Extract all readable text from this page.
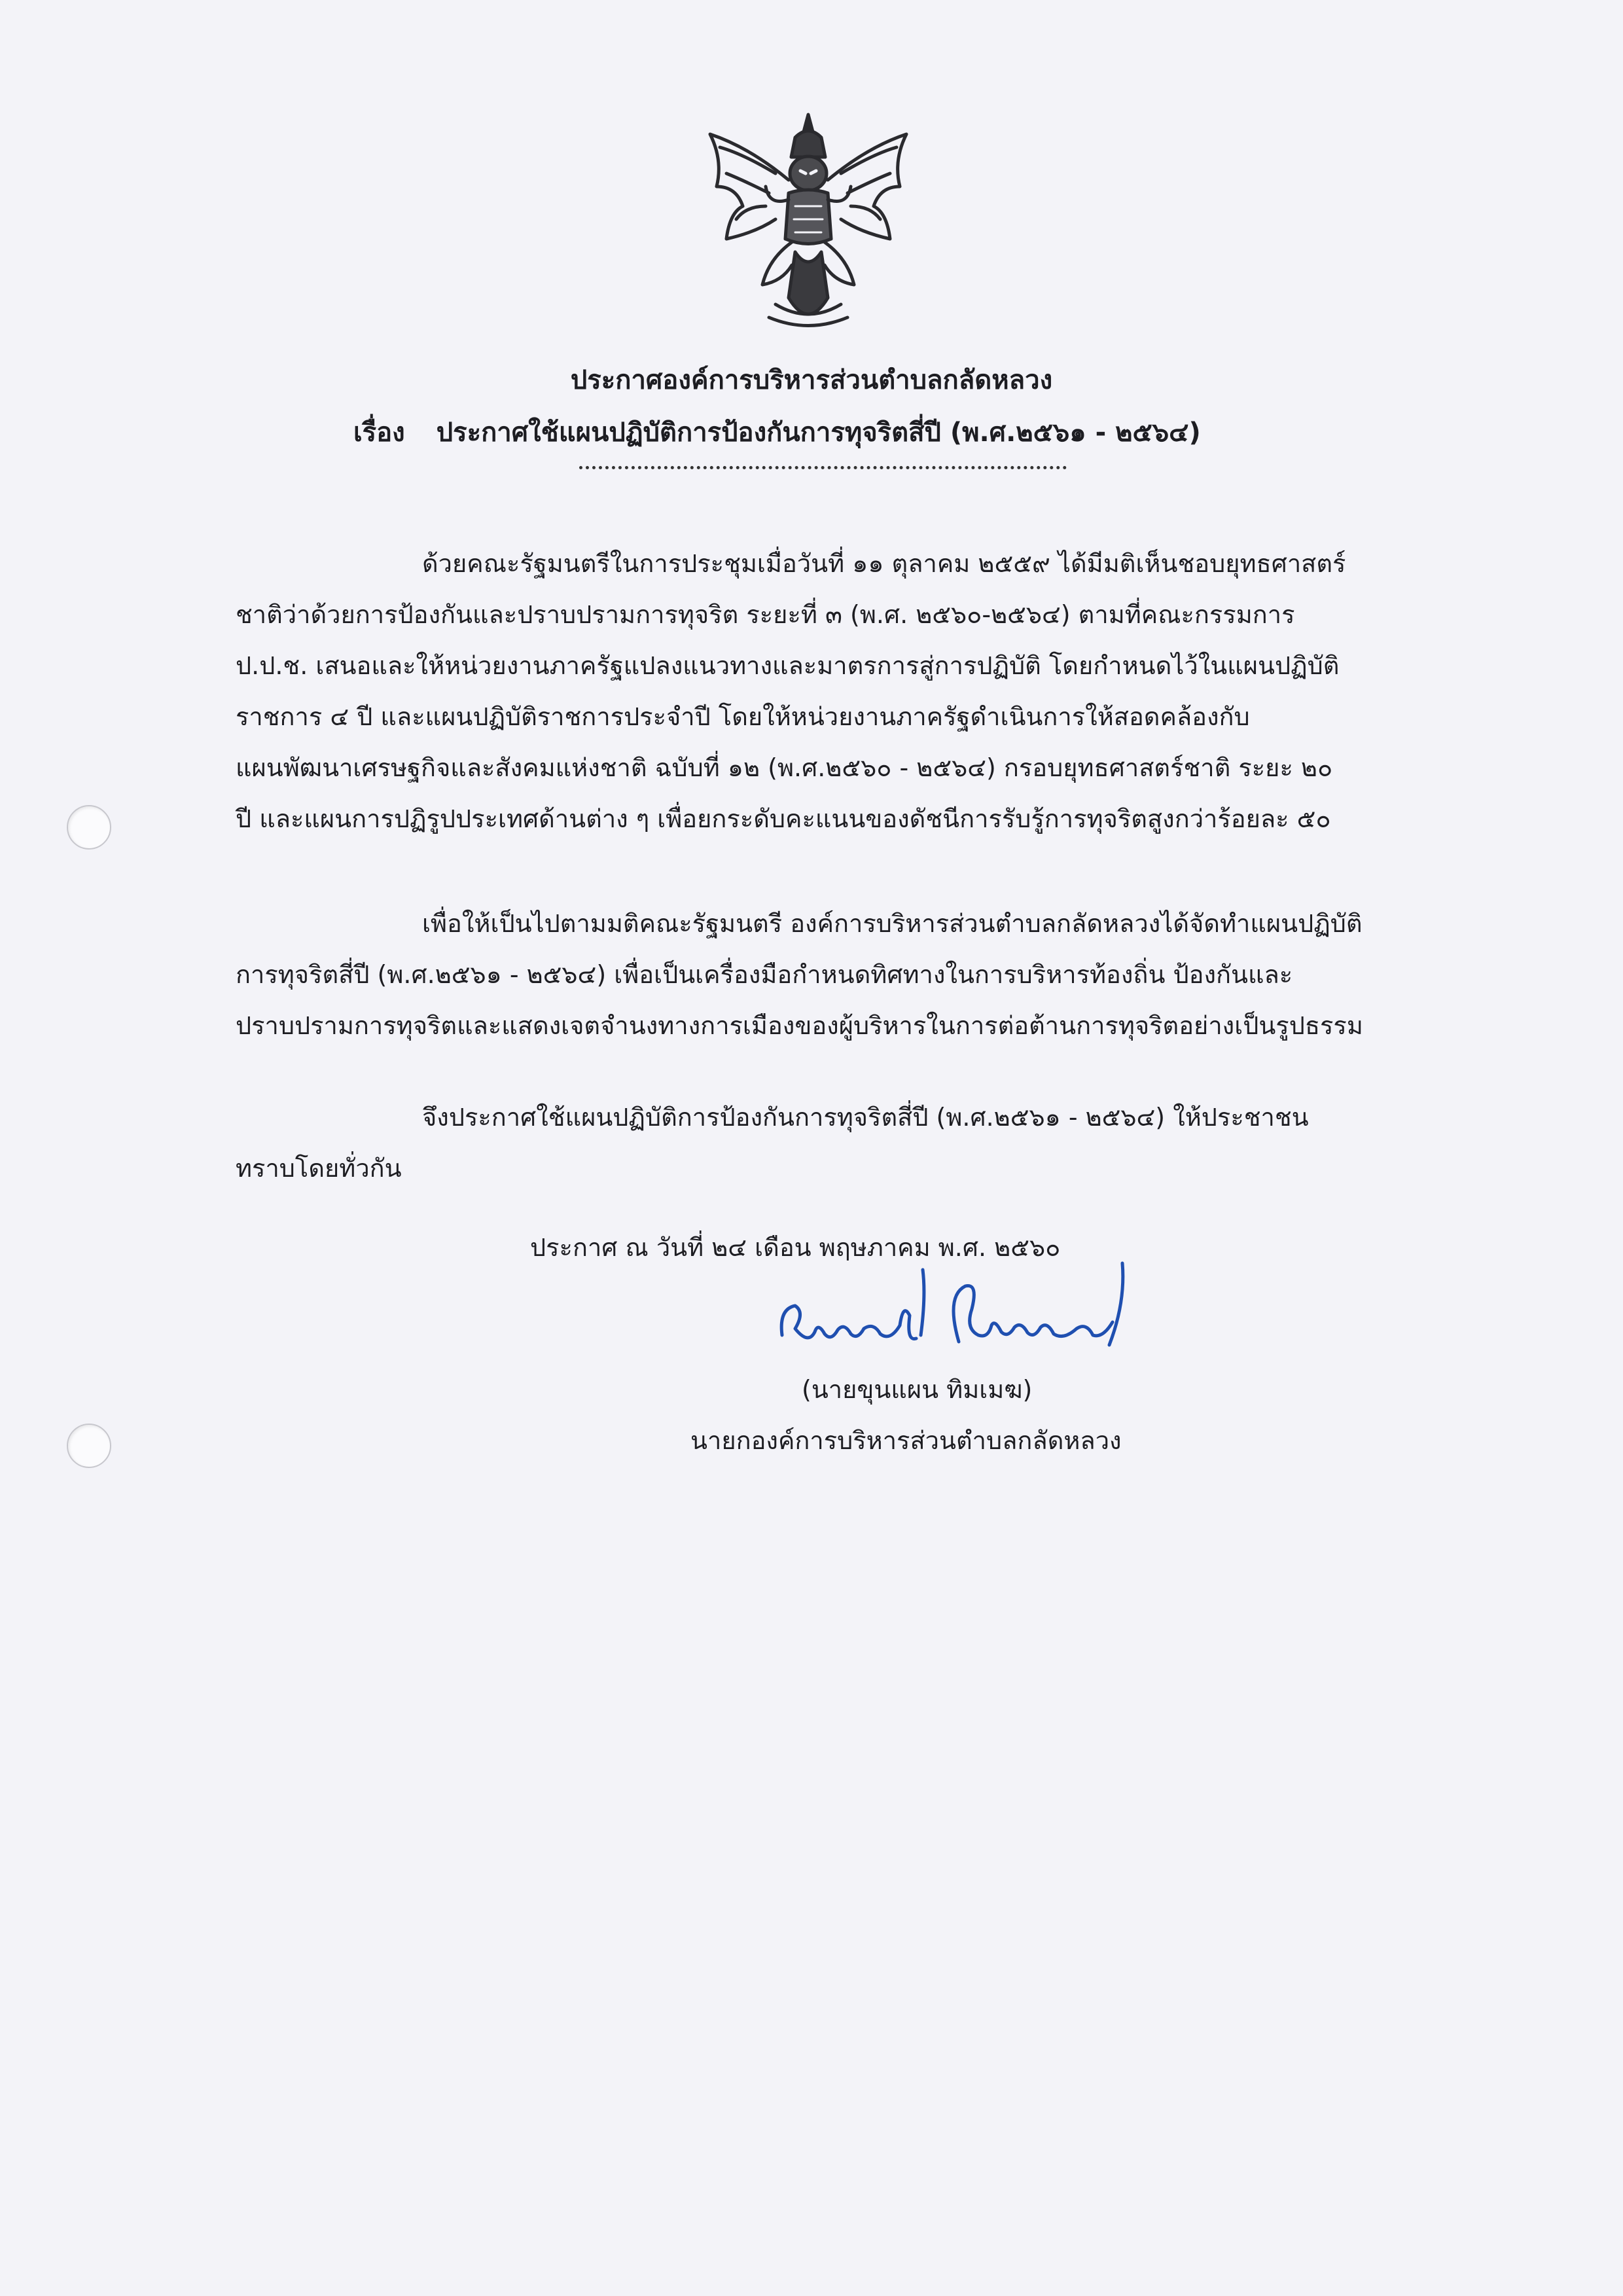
ประกาศองค์การบริหารส่วนตำบลกลัดหลวง
เรื่อง ประกาศใช้แผนปฏิบัติการป้องกันการทุจริตสี่ปี (พ.ศ.๒๕๖๑ - ๒๕๖๔)
ด้วยคณะรัฐมนตรีในการประชุมเมื่อวันที่ ๑๑ ตุลาคม ๒๕๕๙ ได้มีมติเห็นชอบยุทธศาสตร์
ชาติว่าด้วยการป้องกันและปราบปรามการทุจริต ระยะที่ ๓ (พ.ศ. ๒๕๖๐-๒๕๖๔) ตามที่คณะกรรมการ
ป.ป.ช. เสนอและให้หน่วยงานภาครัฐแปลงแนวทางและมาตรการสู่การปฏิบัติ โดยกำหนดไว้ในแผนปฏิบัติ
ราชการ ๔ ปี และแผนปฏิบัติราชการประจำปี โดยให้หน่วยงานภาครัฐดำเนินการให้สอดคล้องกับ
แผนพัฒนาเศรษฐกิจและสังคมแห่งชาติ ฉบับที่ ๑๒ (พ.ศ.๒๕๖๐ - ๒๕๖๔) กรอบยุทธศาสตร์ชาติ ระยะ ๒๐
ปี และแผนการปฏิรูปประเทศด้านต่าง ๆ เพื่อยกระดับคะแนนของดัชนีการรับรู้การทุจริตสูงกว่าร้อยละ ๕๐
เพื่อให้เป็นไปตามมติคณะรัฐมนตรี องค์การบริหารส่วนตำบลกลัดหลวงได้จัดทำแผนปฏิบัติ
การทุจริตสี่ปี (พ.ศ.๒๕๖๑ - ๒๕๖๔) เพื่อเป็นเครื่องมือกำหนดทิศทางในการบริหารท้องถิ่น ป้องกันและ
ปราบปรามการทุจริตและแสดงเจตจำนงทางการเมืองของผู้บริหารในการต่อต้านการทุจริตอย่างเป็นรูปธรรม
จึงประกาศใช้แผนปฏิบัติการป้องกันการทุจริตสี่ปี (พ.ศ.๒๕๖๑ - ๒๕๖๔) ให้ประชาชน
ทราบโดยทั่วกัน
ประกาศ ณ วันที่ ๒๔ เดือน พฤษภาคม พ.ศ. ๒๕๖๐
(นายขุนแผน ทิมเมฆ)
นายกองค์การบริหารส่วนตำบลกลัดหลวง
